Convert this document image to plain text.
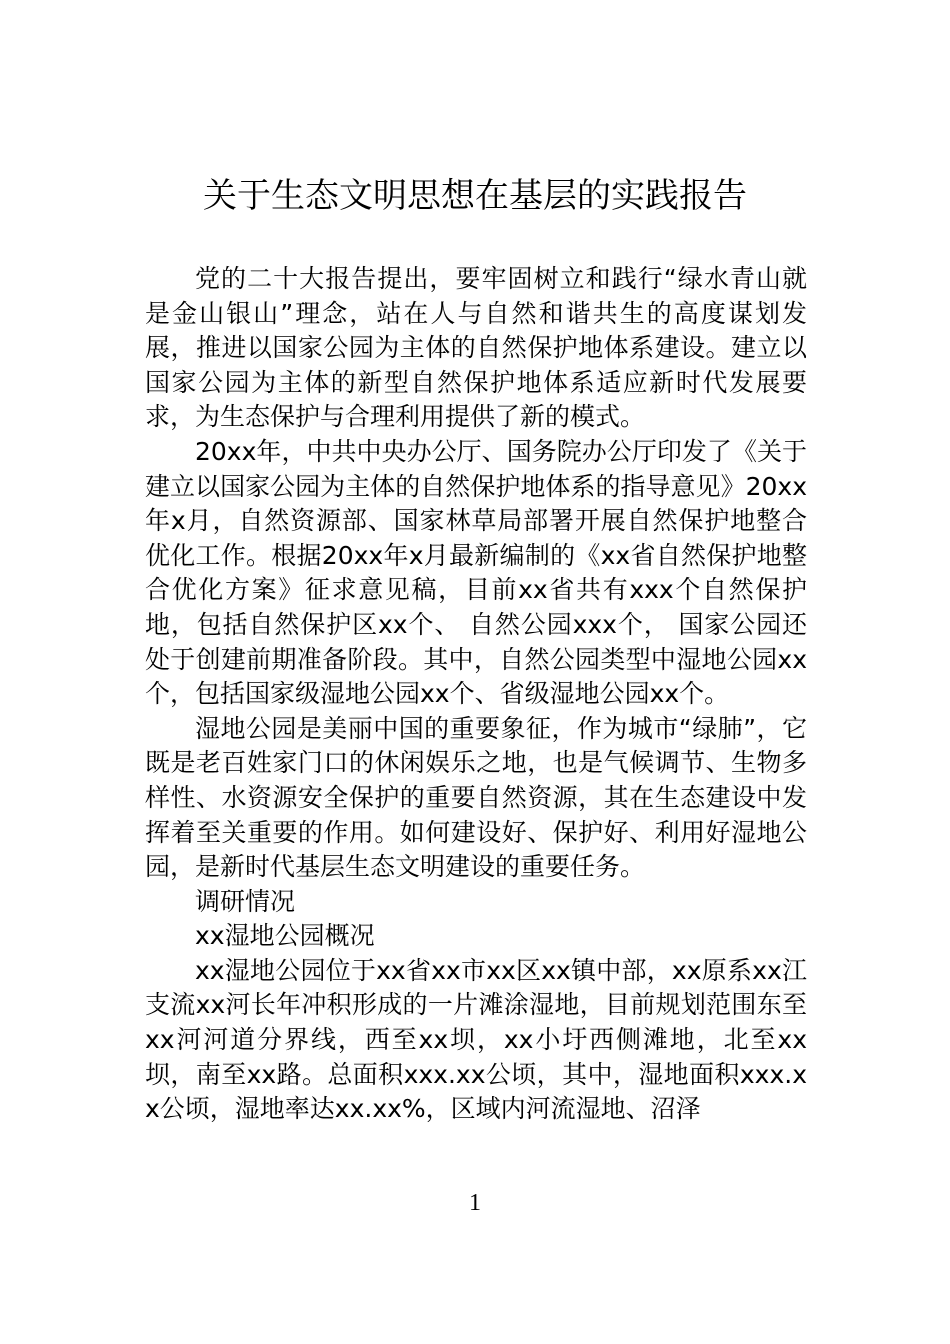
关于生态文明思想在基层的实践报告

党的二十大报告提出，要牢固树立和践行“绿水青山就是金山银山”理念，站在人与自然和谐共生的高度谋划发展，推进以国家公园为主体的自然保护地体系建设。建立以国家公园为主体的新型自然保护地体系适应新时代发展要求，为生态保护与合理利用提供了新的模式。

20xx年，中共中央办公厅、国务院办公厅印发了《关于建立以国家公园为主体的自然保护地体系的指导意见》20xx年x月，自然资源部、国家林草局部署开展自然保护地整合优化工作。根据20xx年x月最新编制的《xx省自然保护地整合优化方案》征求意见稿，目前xx省共有xxx个自然保护地，包括自然保护区xx个、 自然公园xxx个， 国家公园还处于创建前期准备阶段。其中，自然公园类型中湿地公园xx个，包括国家级湿地公园xx个、省级湿地公园xx个。

湿地公园是美丽中国的重要象征，作为城市“绿肺”，它既是老百姓家门口的休闲娱乐之地，也是气候调节、生物多样性、水资源安全保护的重要自然资源，其在生态建设中发挥着至关重要的作用。如何建设好、保护好、利用好湿地公园，是新时代基层生态文明建设的重要任务。

调研情况

xx湿地公园概况

xx湿地公园位于xx省xx市xx区xx镇中部，xx原系xx江支流xx河长年冲积形成的一片滩涂湿地，目前规划范围东至xx河河道分界线，西至xx坝，xx小圩西侧滩地，北至xx坝，南至xx路。总面积xxx.xx公顷，其中，湿地面积xxx.xx公顷，湿地率达xx.xx%，区域内河流湿地、沼泽

1
